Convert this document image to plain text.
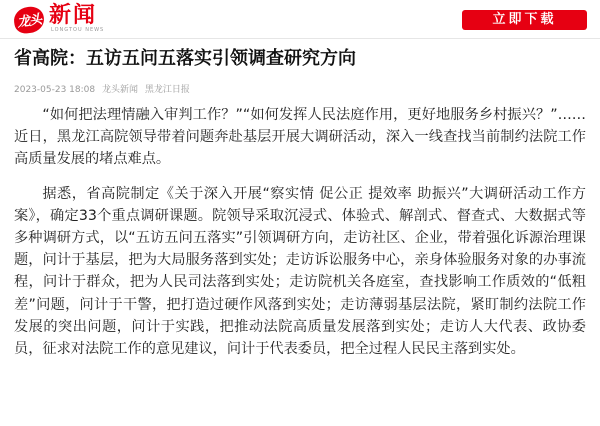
龙头 新闻
LONGTOU NEWS
立即下载
省高院：五访五问五落实引领调查研究方向
2023-05-23 18:08 龙头新闻 黑龙江日报

“如何把法理情融入审判工作？”“如何发挥人民法庭作用，更好地服务乡村振兴？”……近日，黑龙江高院领导带着问题奔赴基层开展大调研活动，深入一线查找当前制约法院工作高质量发展的堵点难点。

据悉，省高院制定《关于深入开展“察实情 促公正 提效率 助振兴”大调研活动工作方案》，确定33个重点调研课题。院领导采取沉浸式、体验式、解剖式、督查式、大数据式等多种调研方式，以“五访五问五落实”引领调研方向，走访社区、企业，带着强化诉源治理课题，问计于基层，把为大局服务落到实处；走访诉讼服务中心，亲身体验服务对象的办事流程，问计于群众，把为人民司法落到实处；走访院机关各庭室，查找影响工作质效的“低粗差”问题，问计于干警，把打造过硬作风落到实处；走访薄弱基层法院，紧盯制约法院工作发展的突出问题，问计于实践，把推动法院高质量发展落到实处；走访人大代表、政协委员，征求对法院工作的意见建议，问计于代表委员，把全过程人民民主落到实处。
